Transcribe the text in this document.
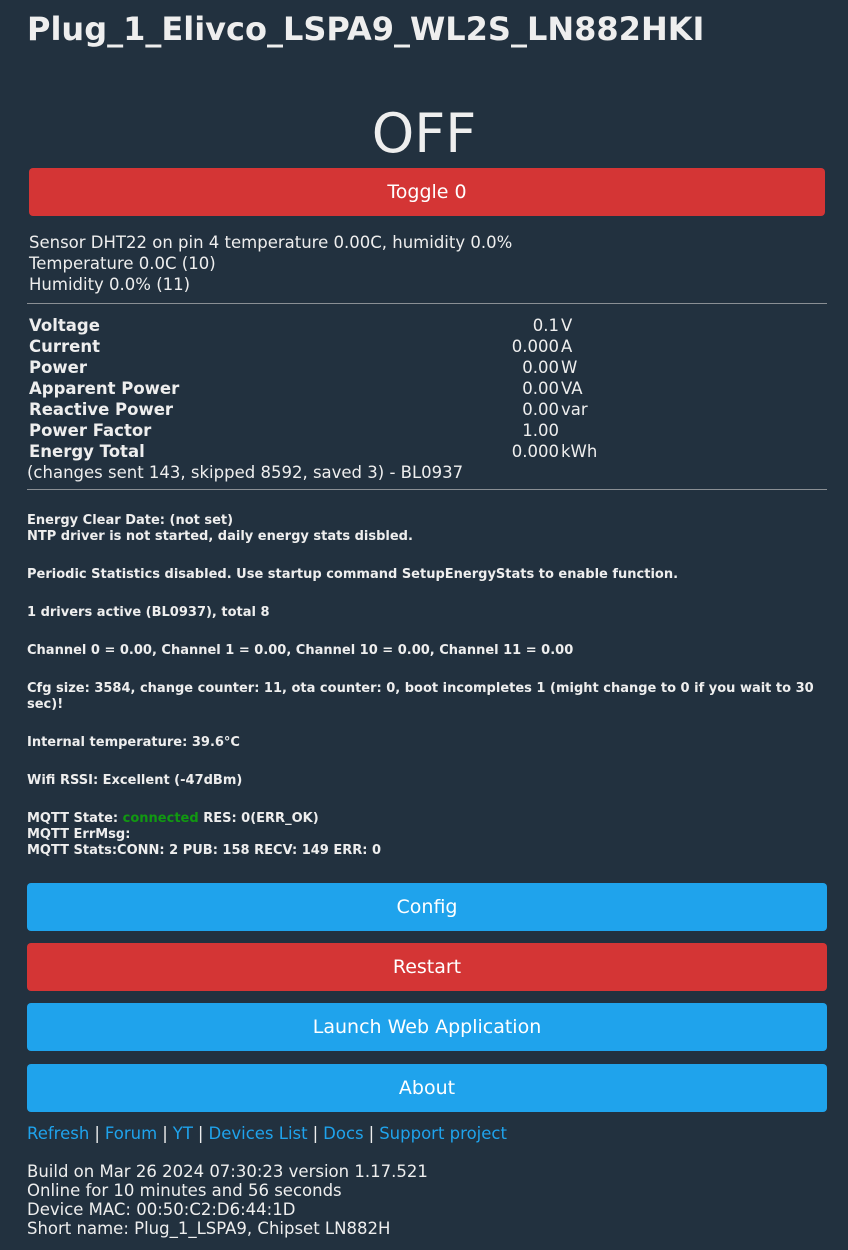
Plug_1_Elivco_LSPA9_WL2S_LN882HKI
OFF
Toggle 0
Sensor DHT22 on pin 4 temperature 0.00C, humidity 0.0%
Temperature 0.0C (10)
Humidity 0.0% (11)
Voltage	0.1 V
Current	0.000 A
Power	0.00 W
Apparent Power	0.00 VA
Reactive Power	0.00 var
Power Factor	1.00
Energy Total	0.000 kWh
(changes sent 143, skipped 8592, saved 3) - BL0937

Energy Clear Date: (not set)

NTP driver is not started, daily energy stats disbled.

Periodic Statistics disabled. Use startup command SetupEnergyStats to enable function.

1 drivers active (BL0937), total 8

Channel 0 = 0.00, Channel 1 = 0.00, Channel 10 = 0.00, Channel 11 = 0.00

Cfg size: 3584, change counter: 11, ota counter: 0, boot incompletes 1 (might change to 0 if you wait to 30 sec)!

Internal temperature: 39.6°C

Wifi RSSI: Excellent (-47dBm)

MQTT State: connected RES: 0(ERR_OK)

MQTT ErrMsg:

MQTT Stats:CONN: 2 PUB: 158 RECV: 149 ERR: 0

Config
Restart
Launch Web Application
About
Refresh | Forum | YT | Devices List | Docs | Support project
Build on Mar 26 2024 07:30:23 version 1.17.521
Online for 10 minutes and 56 seconds
Device MAC: 00:50:C2:D6:44:1D
Short name: Plug_1_LSPA9, Chipset LN882H
